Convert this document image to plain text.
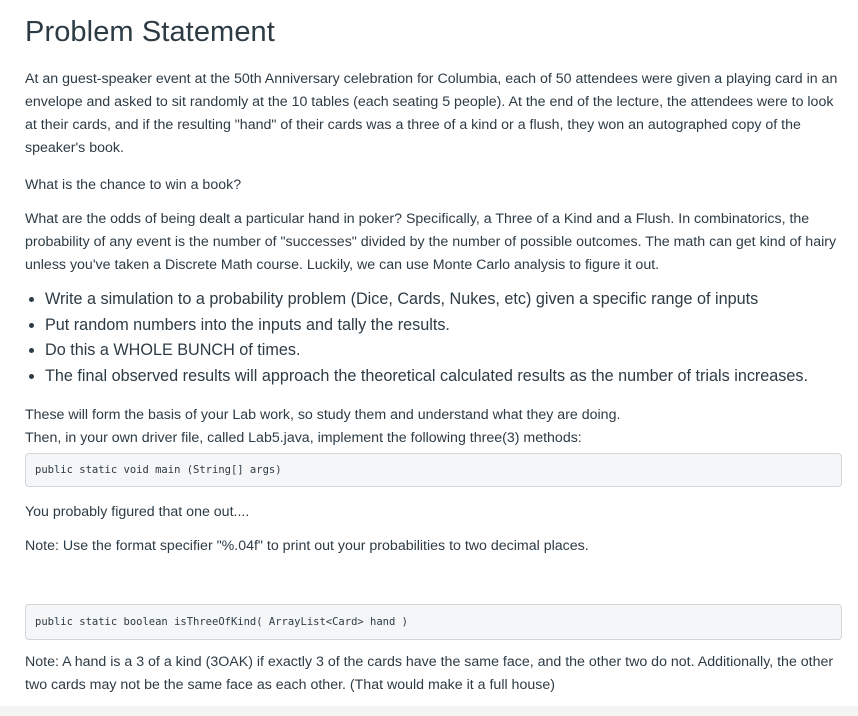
Problem Statement

At an guest-speaker event at the 50th Anniversary celebration for Columbia, each of 50 attendees were given a playing card in an envelope and asked to sit randomly at the 10 tables (each seating 5 people). At the end of the lecture, the attendees were to look at their cards, and if the resulting "hand" of their cards was a three of a kind or a flush, they won an autographed copy of the speaker's book.

What is the chance to win a book?

What are the odds of being dealt a particular hand in poker? Specifically, a Three of a Kind and a Flush. In combinatorics, the probability of any event is the number of "successes" divided by the number of possible outcomes. The math can get kind of hairy unless you've taken a Discrete Math course. Luckily, we can use Monte Carlo analysis to figure it out.

• Write a simulation to a probability problem (Dice, Cards, Nukes, etc) given a specific range of inputs
• Put random numbers into the inputs and tally the results.
• Do this a WHOLE BUNCH of times.
• The final observed results will approach the theoretical calculated results as the number of trials increases.

These will form the basis of your Lab work, so study them and understand what they are doing.

Then, in your own driver file, called Lab5.java, implement the following three(3) methods:

public static void main (String[] args)

You probably figured that one out....

Note: Use the format specifier "%.04f" to print out your probabilities to two decimal places.

public static boolean isThreeOfKind( ArrayList<Card> hand )

Note: A hand is a 3 of a kind (3OAK) if exactly 3 of the cards have the same face, and the other two do not. Additionally, the other two cards may not be the same face as each other. (That would make it a full house)
